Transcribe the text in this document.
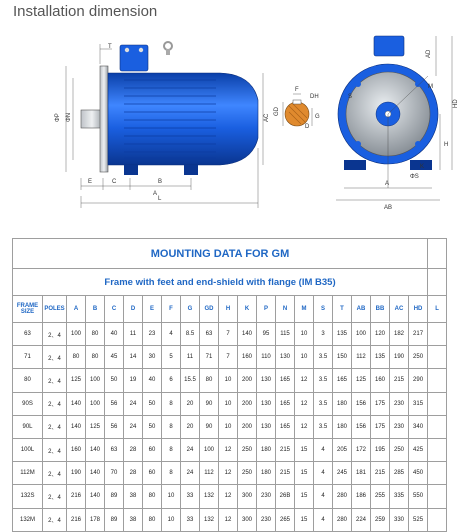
Installation dimension
ΦP ΦN
T
E	C	B
L
A
AC
F
GD
D
G
DH
M
S
K
AD
HD
H
A
AB
ΦS
MOUNTING DATA FOR GM																					
Frame with feet and end-shield with flange (IM B35)																					
FRAME SIZE	POLES	A	B	C	D	E	F	G	GD	H	K	P	N	M	S	T	AB	BB	AC	HD	L
63	2、4	100	80	40	11	23	4	8.5	63	7	140	95	115	10	3	135	100	120	182	217	
71	2、4	80	80	45	14	30	5	11	71	7	160	110	130	10	3.5	150	112	135	190	250	
80	2、4	125	100	50	19	40	6	15.5	80	10	200	130	165	12	3.5	165	125	160	215	290	
90S	2、4	140	100	56	24	50	8	20	90	10	200	130	165	12	3.5	180	156	175	230	315	
90L	2、4	140	125	56	24	50	8	20	90	10	200	130	165	12	3.5	180	156	175	230	340	
100L	2、4	160	140	63	28	60	8	24	100	12	250	180	215	15	4	205	172	195	250	425	
112M	2、4	190	140	70	28	60	8	24	112	12	250	180	215	15	4	245	181	215	285	450	
132S	2、4	216	140	89	38	80	10	33	132	12	300	230	26B	15	4	280	186	255	335	550	
132M	2、4	216	178	89	38	80	10	33	132	12	300	230	265	15	4	280	224	259	330	525	
